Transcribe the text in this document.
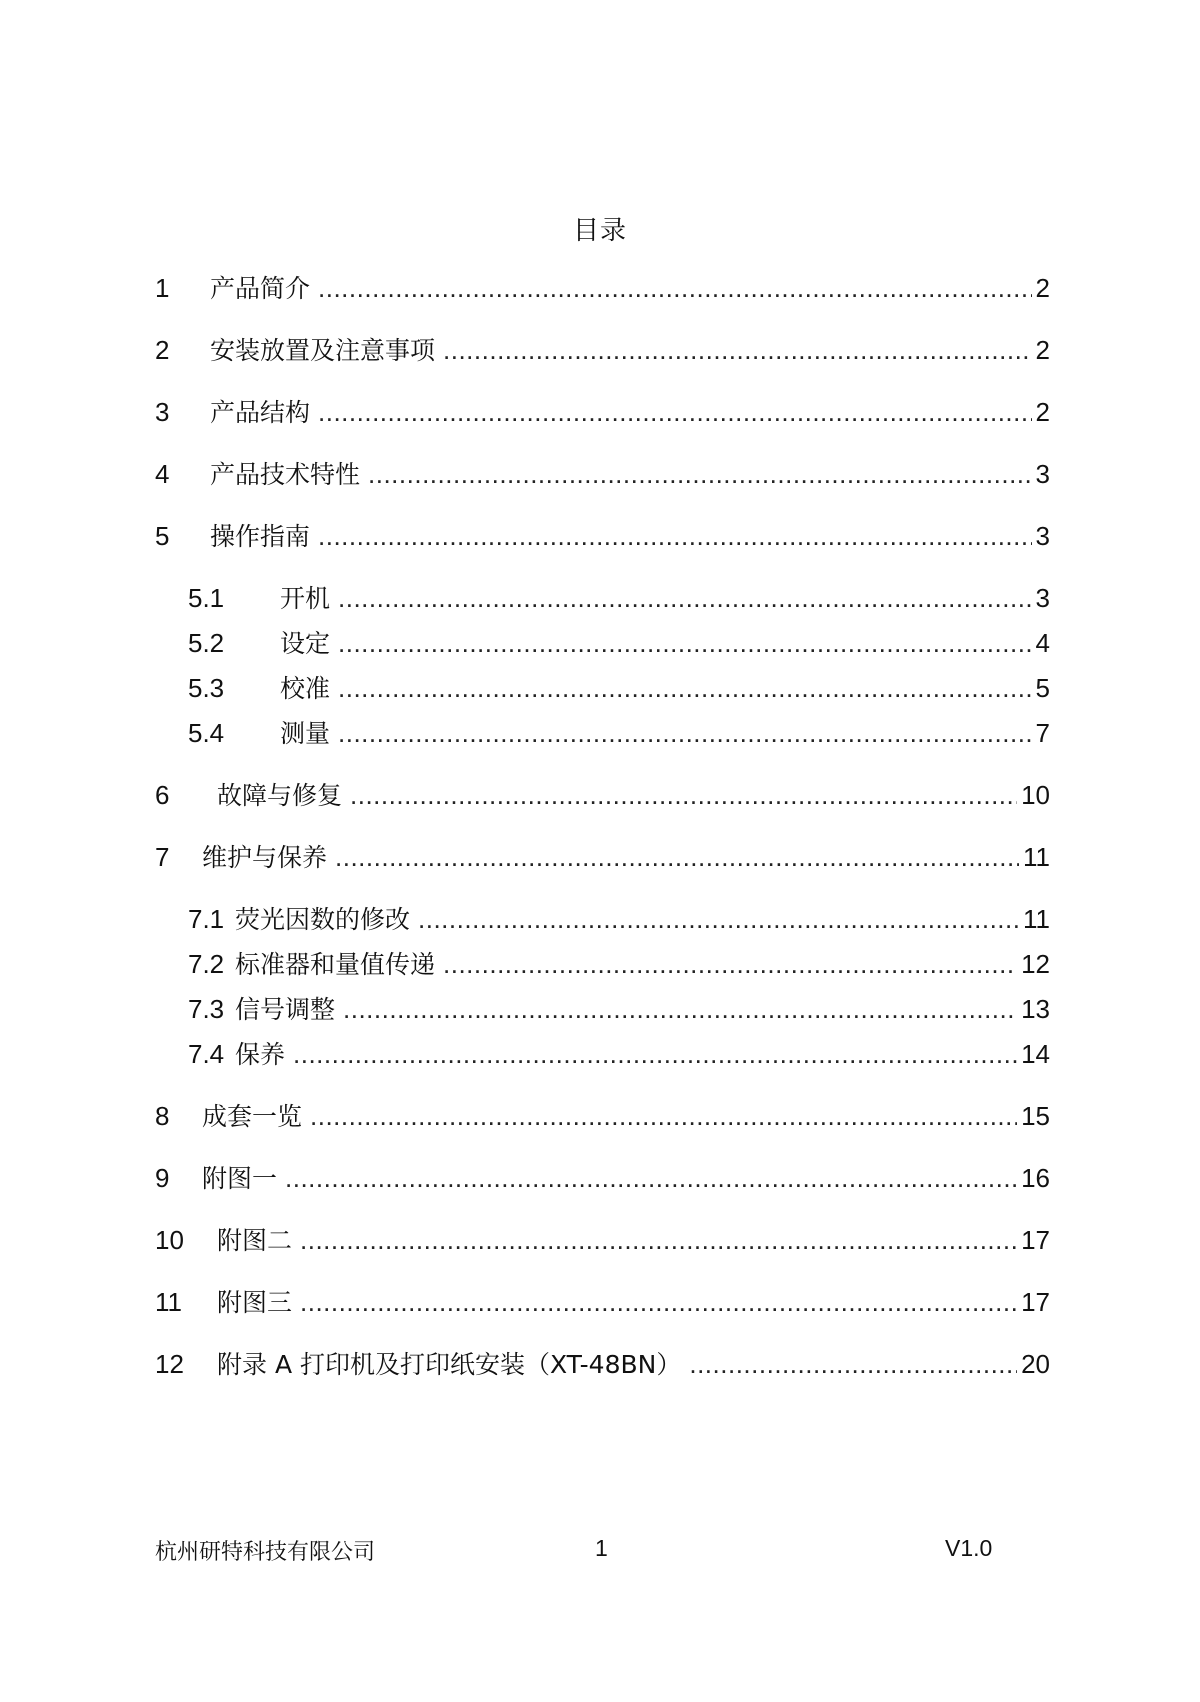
目录
1	产品简介 .....	2
2	安装放置及注意事项 .....	2
3	产品结构 .....	2
4	产品技术特性 .....	3
5	操作指南 .....	3
5.1	开机 .....	3
5.2	设定 .....	4
5.3	校准 .....	5
5.4	测量 .....	7
6	故障与修复 .....	10
7	维护与保养 .....	11
7.1 荧光因数的修改 .....	11
7.2 标准器和量值传递 .....	12
7.3 信号调整 .....	13
7.4 保养 .....	14
8	成套一览 .....	15
9	附图一 .....	16
10	附图二 .....	17
11	附图三 .....	17
12	附录 A 打印机及打印纸安装（XT-48BN） .....	20
杭州研特科技有限公司	1	V1.0
